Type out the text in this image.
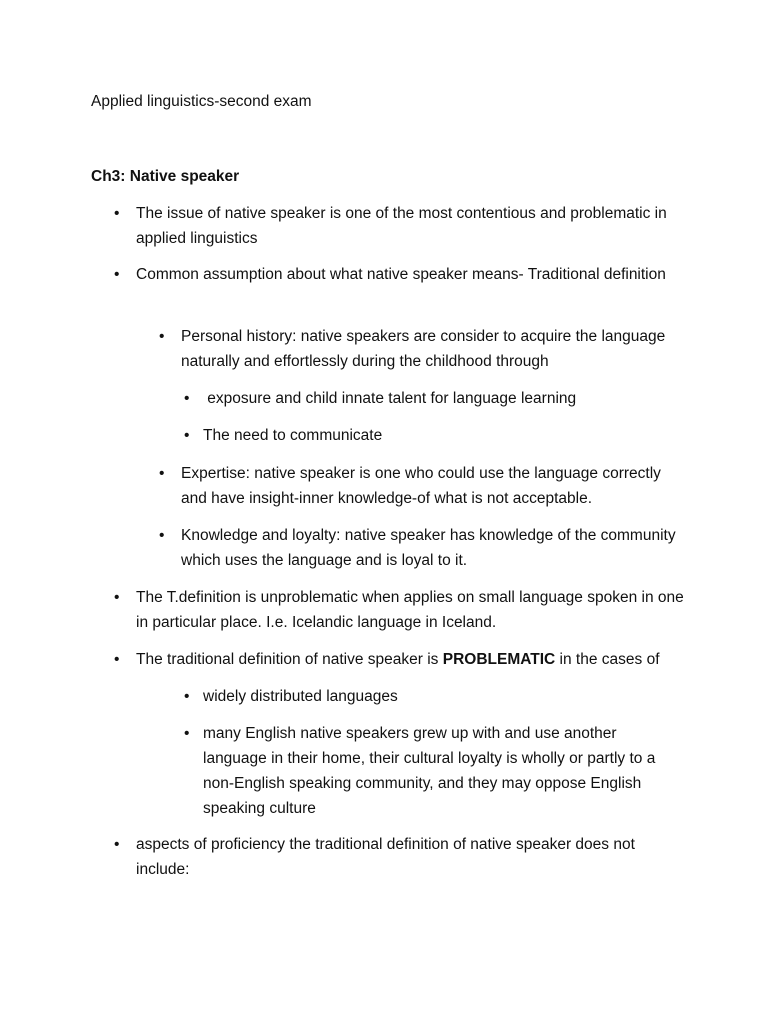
Applied linguistics-second exam
Ch3: Native speaker
• The issue of native speaker is one of the most contentious and problematic in applied linguistics
• Common assumption about what native speaker means- Traditional definition
• Personal history: native speakers are consider to acquire the language naturally and effortlessly during the childhood through
• exposure and child innate talent for language learning
• The need to communicate
• Expertise: native speaker is one who could use the language correctly and have insight-inner knowledge-of what is not acceptable.
• Knowledge and loyalty: native speaker has knowledge of the community which uses the language and is loyal to it.
• The T.definition is unproblematic when applies on small language spoken in one in particular place. I.e. Icelandic language in Iceland.
• The traditional definition of native speaker is PROBLEMATIC in the cases of
• widely distributed languages
• many English native speakers grew up with and use another language in their home, their cultural loyalty is wholly or partly to a non-English speaking community, and they may oppose English speaking culture
• aspects of proficiency the traditional definition of native speaker does not include:
